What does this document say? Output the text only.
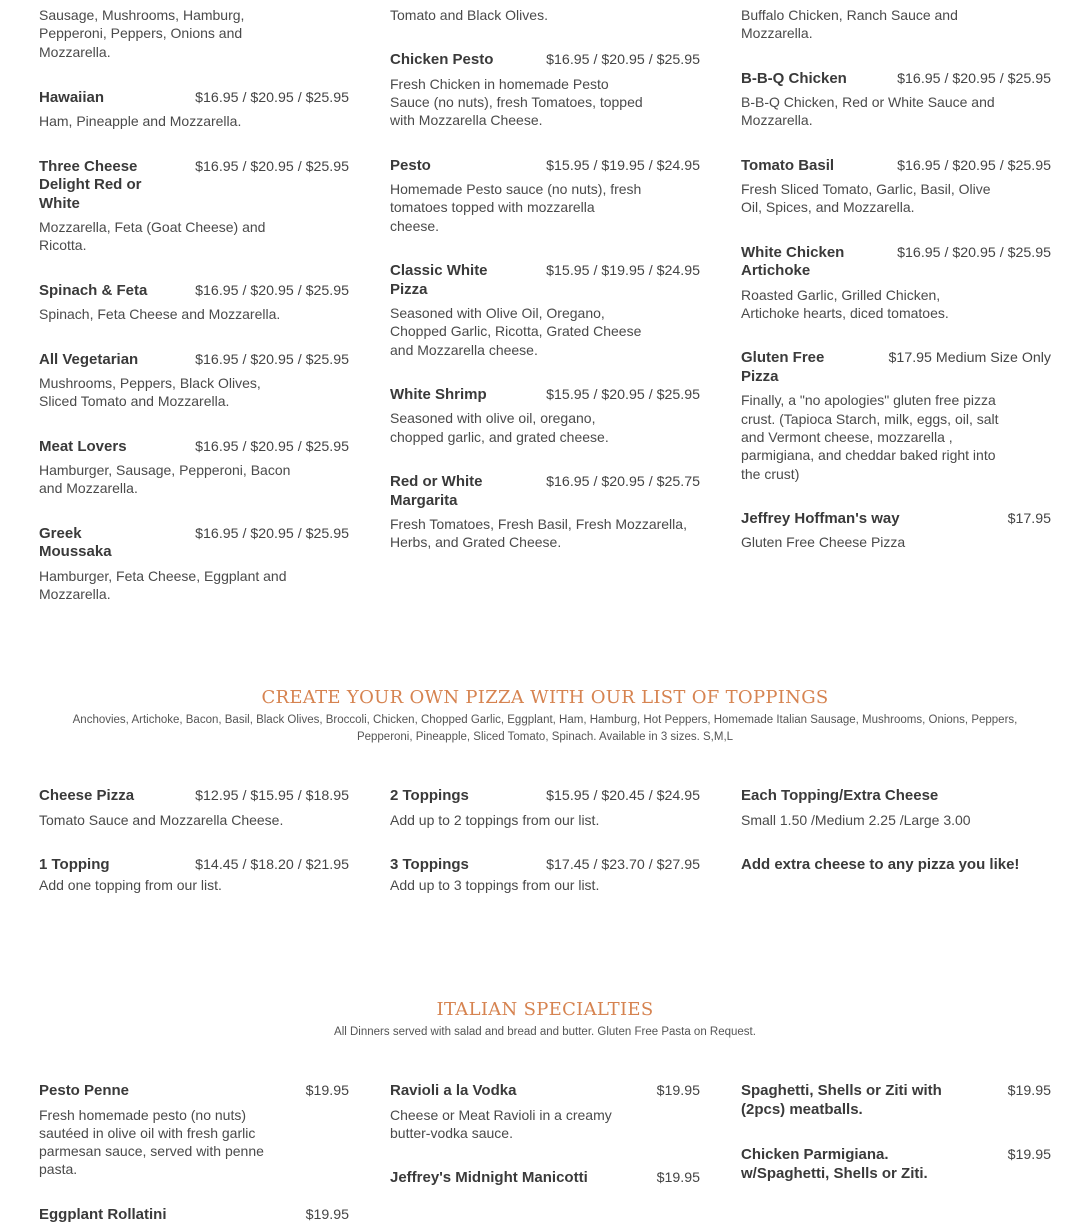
Sausage, Mushrooms, Hamburg, Pepperoni, Peppers, Onions and Mozzarella.
Hawaiian	$16.95 / $20.95 / $25.95
Ham, Pineapple and Mozzarella.
Three Cheese Delight Red or White
$16.95 / $20.95 / $25.95
Mozzarella, Feta (Goat Cheese) and Ricotta.
Spinach & Feta	$16.95 / $20.95 / $25.95
Spinach, Feta Cheese and Mozzarella.
All Vegetarian	$16.95 / $20.95 / $25.95
Mushrooms, Peppers, Black Olives, Sliced Tomato and Mozzarella.
Meat Lovers	$16.95 / $20.95 / $25.95
Hamburger, Sausage, Pepperoni, Bacon and Mozzarella.
Greek Moussaka
$16.95 / $20.95 / $25.95
Hamburger, Feta Cheese, Eggplant and Mozzarella.
Tomato and Black Olives.
Chicken Pesto	$16.95 / $20.95 / $25.95
Fresh Chicken in homemade Pesto Sauce (no nuts), fresh Tomatoes, topped with Mozzarella Cheese.
Pesto	$15.95 / $19.95 / $24.95
Homemade Pesto sauce (no nuts), fresh tomatoes topped with mozzarella cheese.
Classic White Pizza
$15.95 / $19.95 / $24.95
Seasoned with Olive Oil, Oregano, Chopped Garlic, Ricotta, Grated Cheese and Mozzarella cheese.
White Shrimp	$15.95 / $20.95 / $25.95
Seasoned with olive oil, oregano, chopped garlic, and grated cheese.
Red or White Margarita
$16.95 / $20.95 / $25.75
Fresh Tomatoes, Fresh Basil, Fresh Mozzarella, Herbs, and Grated Cheese.
Buffalo Chicken, Ranch Sauce and Mozzarella.
B-B-Q Chicken	$16.95 / $20.95 / $25.95
B-B-Q Chicken, Red or White Sauce and Mozzarella.
Tomato Basil	$16.95 / $20.95 / $25.95
Fresh Sliced Tomato, Garlic, Basil, Olive Oil, Spices, and Mozzarella.
White Chicken Artichoke
$16.95 / $20.95 / $25.95
Roasted Garlic, Grilled Chicken, Artichoke hearts, diced tomatoes.
Gluten Free Pizza
$17.95 Medium Size Only
Finally, a "no apologies" gluten free pizza crust. (Tapioca Starch, milk, eggs, oil, salt and Vermont cheese, mozzarella , parmigiana, and cheddar baked right into the crust)
Jeffrey Hoffman's way	$17.95
Gluten Free Cheese Pizza
CREATE YOUR OWN PIZZA WITH OUR LIST OF TOPPINGS
Anchovies, Artichoke, Bacon, Basil, Black Olives, Broccoli, Chicken, Chopped Garlic, Eggplant, Ham, Hamburg, Hot Peppers, Homemade Italian Sausage, Mushrooms, Onions, Peppers, Pepperoni, Pineapple, Sliced Tomato, Spinach. Available in 3 sizes. S,M,L
Cheese Pizza	$12.95 / $15.95 / $18.95
Tomato Sauce and Mozzarella Cheese.
1 Topping	$14.45 / $18.20 / $21.95
Add one topping from our list.
2 Toppings	$15.95 / $20.45 / $24.95
Add up to 2 toppings from our list.
3 Toppings	$17.45 / $23.70 / $27.95
Add up to 3 toppings from our list.
Each Topping/Extra Cheese
Small 1.50 /Medium 2.25 /Large 3.00
Add extra cheese to any pizza you like!
ITALIAN SPECIALTIES
All Dinners served with salad and bread and butter. Gluten Free Pasta on Request.
Pesto Penne	$19.95
Fresh homemade pesto (no nuts) sautéed in olive oil with fresh garlic parmesan sauce, served with penne pasta.
Eggplant Rollatini	$19.95
Ravioli a la Vodka	$19.95
Cheese or Meat Ravioli in a creamy butter-vodka sauce.
Jeffrey's Midnight Manicotti	$19.95
Spaghetti, Shells or Ziti with (2pcs) meatballs.
$19.95
Chicken Parmigiana. w/Spaghetti, Shells or Ziti.
$19.95
